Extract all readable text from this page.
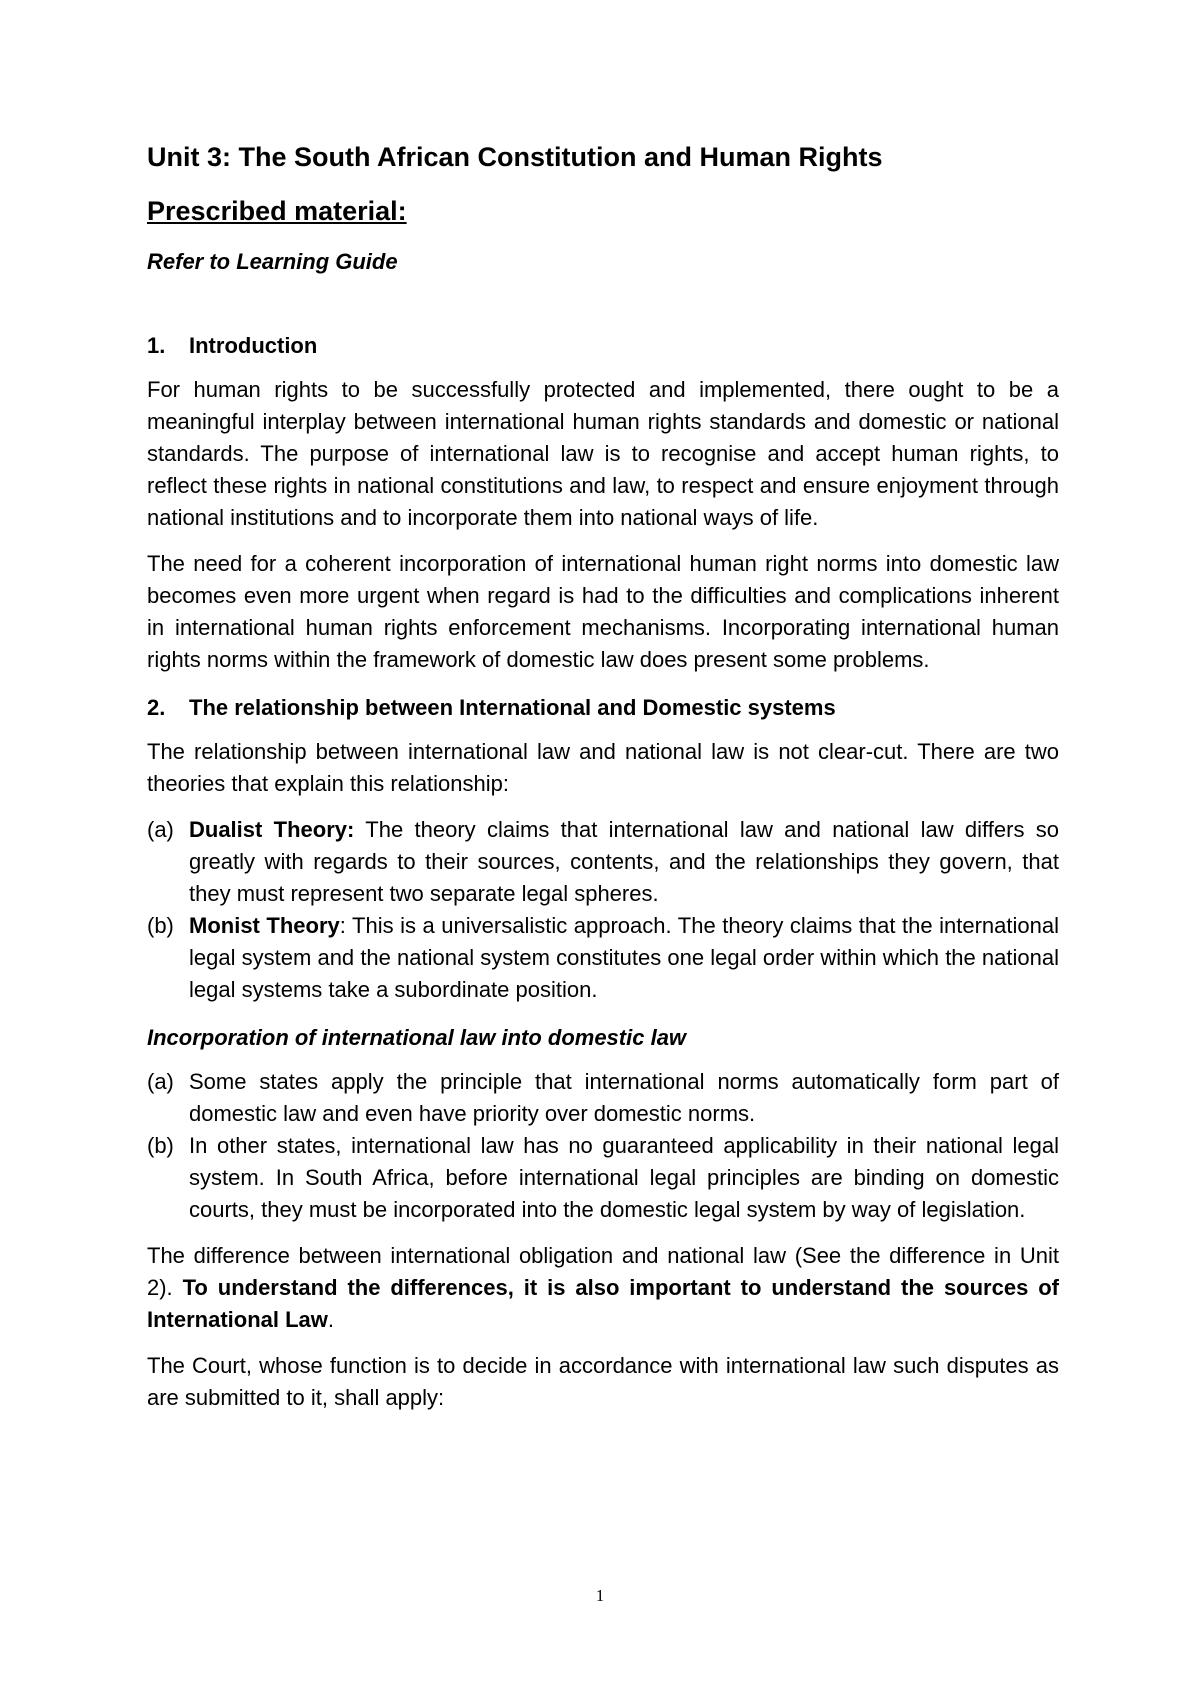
Unit 3: The South African Constitution and Human Rights
Prescribed material:

Refer to Learning Guide

1.	Introduction

For human rights to be successfully protected and implemented, there ought to be a meaningful interplay between international human rights standards and domestic or national standards. The purpose of international law is to recognise and accept human rights, to reflect these rights in national constitutions and law, to respect and ensure enjoyment through national institutions and to incorporate them into national ways of life.

The need for a coherent incorporation of international human right norms into domestic law becomes even more urgent when regard is had to the difficulties and complications inherent in international human rights enforcement mechanisms. Incorporating international human rights norms within the framework of domestic law does present some problems.

2.	The relationship between International and Domestic systems

The relationship between international law and national law is not clear-cut. There are two theories that explain this relationship:

(a) Dualist Theory: The theory claims that international law and national law differs so greatly with regards to their sources, contents, and the relationships they govern, that they must represent two separate legal spheres.
(b) Monist Theory: This is a universalistic approach. The theory claims that the international legal system and the national system constitutes one legal order within which the national legal systems take a subordinate position.

Incorporation of international law into domestic law

(a) Some states apply the principle that international norms automatically form part of domestic law and even have priority over domestic norms.
(b) In other states, international law has no guaranteed applicability in their national legal system. In South Africa, before international legal principles are binding on domestic courts, they must be incorporated into the domestic legal system by way of legislation.

The difference between international obligation and national law (See the difference in Unit 2). To understand the differences, it is also important to understand the sources of International Law.

The Court, whose function is to decide in accordance with international law such disputes as are submitted to it, shall apply:

1
